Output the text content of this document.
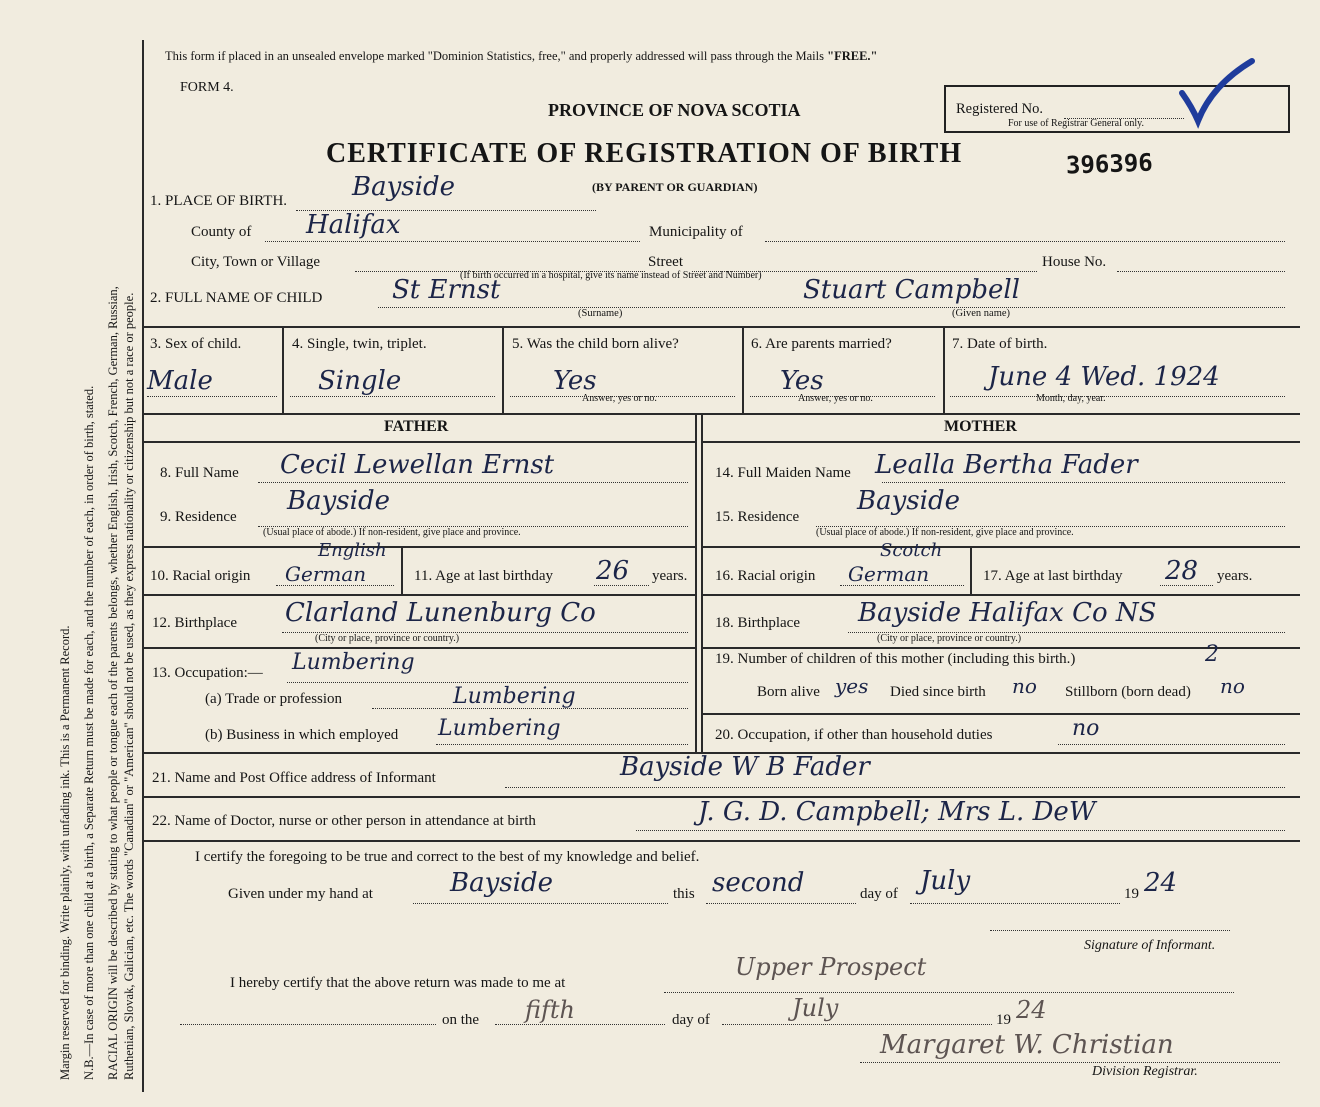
Margin reserved for binding. Write plainly, with unfading ink. This is a Permanent Record. N.B.—In case of more than one child at a birth, a Separate Return must be made for each, and the number of each, in order of birth, stated. RACIAL ORIGIN will be described by stating to what people or tongue each of the parents belongs, whether English, Irish, Scotch, French, German, Russian, Ruthenian, Slovak, Galician, etc. The words "Canadian" or "American" should not be used, as they express nationality or citizenship but not a race or people.
This form if placed in an unsealed envelope marked "Dominion Statistics, free," and properly addressed will pass through the Mails "FREE."
FORM 4.
PROVINCE OF NOVA SCOTIA	Registered No.
For use of Registrar General only.
CERTIFICATE OF REGISTRATION OF BIRTH
(BY PARENT OR GUARDIAN)
396396
1. PLACE OF BIRTH. Bayside
County of Halifax	Municipality of
City, Town or Village	Street	House No.
(If birth occurred in a hospital, give its name instead of Street and Number)
2. FULL NAME OF CHILD	St Ernst	Stuart Campbell
(Surname)	(Given name)
3. Sex of child.
Male
4. Single, twin, triplet.
Single
5. Was the child born alive?
Yes
Answer, yes or no.
6. Are parents married?
Yes
Answer, yes or no.
7. Date of birth.
June 4 Wed. 1924
Month, day, year.
FATHER	MOTHER
8. Full Name Cecil Lewellan Ernst
9. Residence
Bayside
(Usual place of abode.) If non-resident, give place and province.
10. Racial origin
English
German	11. Age at last birthday 26 years.
12. Birthplace Clarland Lunenburg Co
(City or place, province or country.)
13. Occupation:— Lumbering
(a) Trade or profession	Lumbering
(b) Business in which employed Lumbering
14. Full Maiden Name Lealla Bertha Fader
15. Residence
Bayside
(Usual place of abode.) If non-resident, give place and province.
16. Racial origin
Scotch
German	17. Age at last birthday 28 years.
18. Birthplace Bayside Halifax Co NS
(City or place, province or country.)
19. Number of children of this mother (including this birth.)	2
Born alive yes Died since birth no Stillborn (born dead) no
20. Occupation, if other than household duties	no
21. Name and Post Office address of Informant	Bayside W B Fader
22. Name of Doctor, nurse or other person in attendance at birth	J. G. D. Campbell; Mrs L. DeW
I certify the foregoing to be true and correct to the best of my knowledge and belief.
Given under my hand at	Bayside	this second	day of July	19 24
Signature of Informant.
I hereby certify that the above return was made to me at
Upper Prospect
on the fifth	day of	July	19 24
Margaret W. Christian
Division Registrar.
